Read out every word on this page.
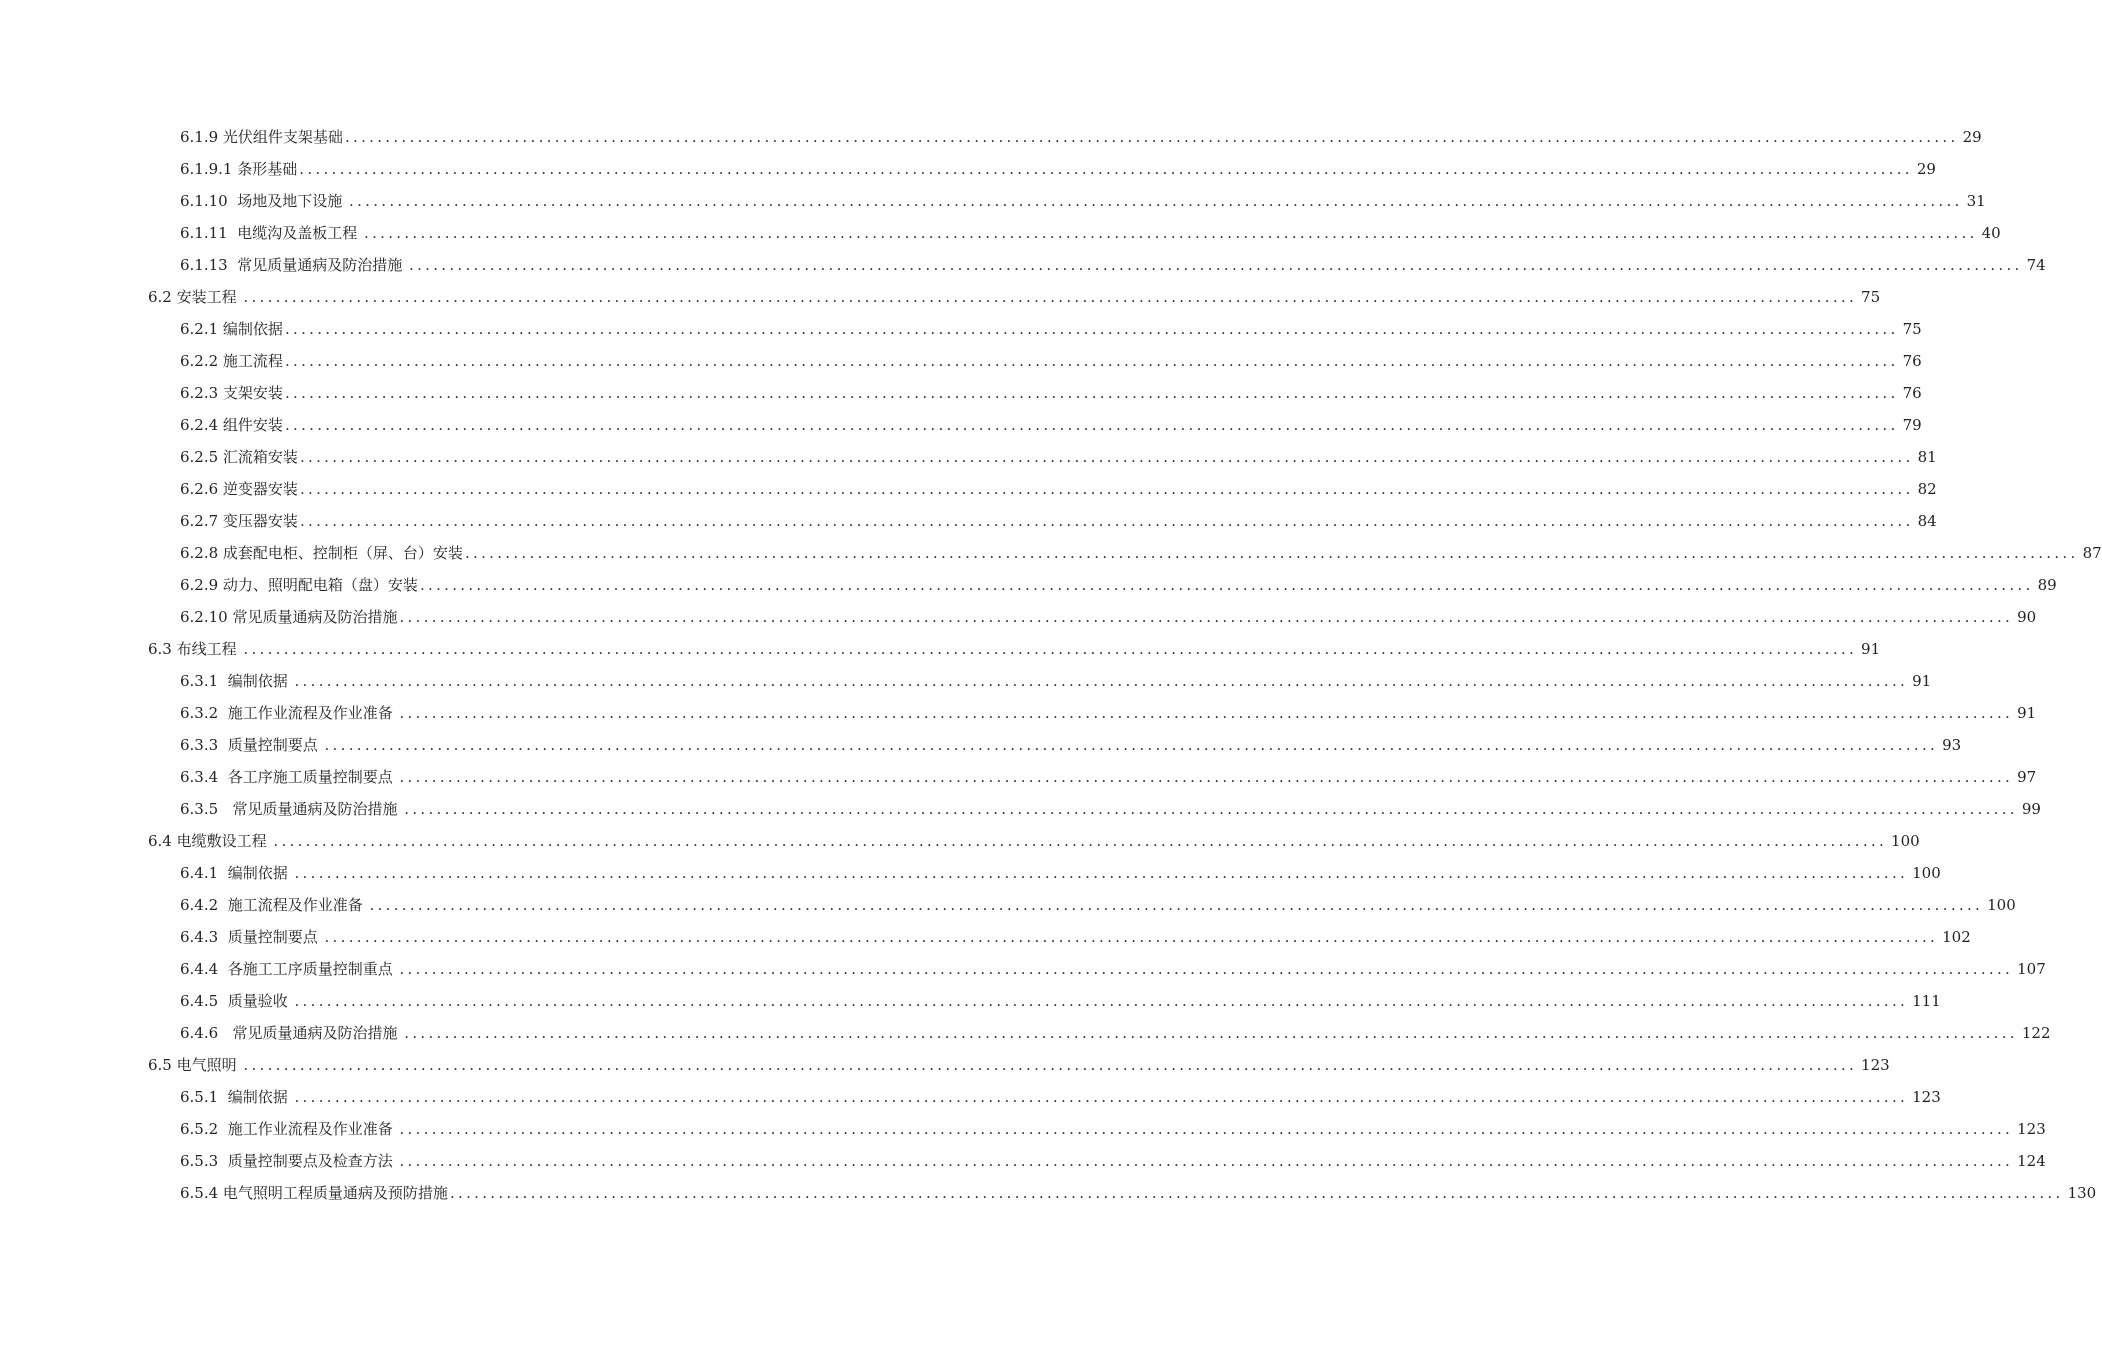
6.1.9 光伏组件支架基础 ........................................................................................................................................................................................................ 29
6.1.9.1 条形基础 ........................................................................................................................................................................................................ 29
6.1.10  场地及地下设施 ........................................................................................................................................................................................................ 31
6.1.11  电缆沟及盖板工程 ........................................................................................................................................................................................................ 40
6.1.13  常见质量通病及防治措施 ........................................................................................................................................................................................................ 74
6.2 安装工程 ........................................................................................................................................................................................................ 75
6.2.1 编制依据 ........................................................................................................................................................................................................ 75
6.2.2 施工流程 ........................................................................................................................................................................................................ 76
6.2.3 支架安装 ........................................................................................................................................................................................................ 76
6.2.4 组件安装 ........................................................................................................................................................................................................ 79
6.2.5 汇流箱安装 ........................................................................................................................................................................................................ 81
6.2.6 逆变器安装 ........................................................................................................................................................................................................ 82
6.2.7 变压器安装 ........................................................................................................................................................................................................ 84
6.2.8 成套配电柜、控制柜（屏、台）安装 ........................................................................................................................................................................................................ 87
6.2.9 动力、照明配电箱（盘）安装 ........................................................................................................................................................................................................ 89
6.2.10 常见质量通病及防治措施 ........................................................................................................................................................................................................ 90
6.3 布线工程 ........................................................................................................................................................................................................ 91
6.3.1  编制依据 ........................................................................................................................................................................................................ 91
6.3.2  施工作业流程及作业准备 ........................................................................................................................................................................................................ 91
6.3.3  质量控制要点 ........................................................................................................................................................................................................ 93
6.3.4  各工序施工质量控制要点 ........................................................................................................................................................................................................ 97
6.3.5   常见质量通病及防治措施 ........................................................................................................................................................................................................ 99
6.4 电缆敷设工程 ........................................................................................................................................................................................................ 100
6.4.1  编制依据 ........................................................................................................................................................................................................ 100
6.4.2  施工流程及作业准备 ........................................................................................................................................................................................................ 100
6.4.3  质量控制要点 ........................................................................................................................................................................................................ 102
6.4.4  各施工工序质量控制重点 ........................................................................................................................................................................................................ 107
6.4.5  质量验收 ........................................................................................................................................................................................................ 111
6.4.6   常见质量通病及防治措施 ........................................................................................................................................................................................................ 122
6.5 电气照明 ........................................................................................................................................................................................................ 123
6.5.1  编制依据 ........................................................................................................................................................................................................ 123
6.5.2  施工作业流程及作业准备 ........................................................................................................................................................................................................ 123
6.5.3  质量控制要点及检查方法 ........................................................................................................................................................................................................ 124
6.5.4 电气照明工程质量通病及预防措施 ........................................................................................................................................................................................................ 130
